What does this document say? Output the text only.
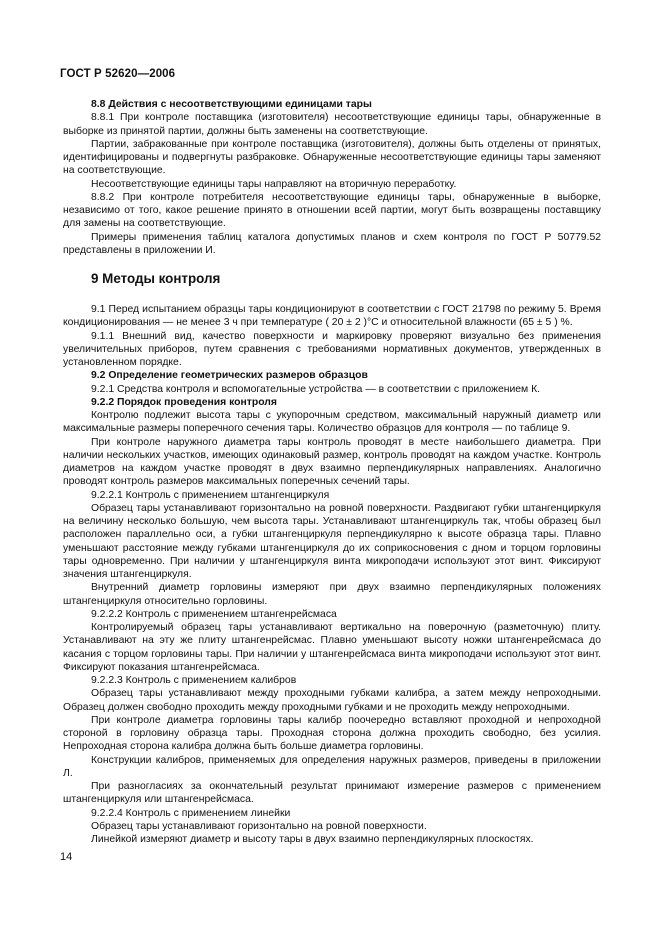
ГОСТ Р 52620—2006

8.8 Действия с несоответствующими единицами тары

8.8.1 При контроле поставщика (изготовителя) несоответствующие единицы тары, обнаруженные в выборке из принятой партии, должны быть заменены на соответствующие.

Партии, забракованные при контроле поставщика (изготовителя), должны быть отделены от принятых, идентифицированы и подвергнуты разбраковке. Обнаруженные несоответствующие единицы тары заменяют на соответствующие.

Несоответствующие единицы тары направляют на вторичную переработку.

8.8.2 При контроле потребителя несоответствующие единицы тары, обнаруженные в выборке, независимо от того, какое решение принято в отношении всей партии, могут быть возвращены поставщику для замены на соответствующие.

Примеры применения таблиц каталога допустимых планов и схем контроля по ГОСТ Р 50779.52 представлены в приложении И.

9 Методы контроля

9.1 Перед испытанием образцы тары кондиционируют в соответствии с ГОСТ 21798 по режиму 5. Время кондиционирования — не менее 3 ч при температуре ( 20 ± 2 )°С и относительной влажности (65 ± 5 ) %.

9.1.1 Внешний вид, качество поверхности и маркировку проверяют визуально без применения увеличительных приборов, путем сравнения с требованиями нормативных документов, утвержденных в установленном порядке.

9.2 Определение геометрических размеров образцов

9.2.1 Средства контроля и вспомогательные устройства — в соответствии с приложением К.

9.2.2 Порядок проведения контроля

Контролю подлежит высота тары с укупорочным средством, максимальный наружный диаметр или максимальные размеры поперечного сечения тары. Количество образцов для контроля — по таблице 9.

При контроле наружного диаметра тары контроль проводят в месте наибольшего диаметра. При наличии нескольких участков, имеющих одинаковый размер, контроль проводят на каждом участке. Контроль диаметров на каждом участке проводят в двух взаимно перпендикулярных направлениях. Аналогично проводят контроль размеров максимальных поперечных сечений тары.

9.2.2.1 Контроль с применением штангенциркуля

Образец тары устанавливают горизонтально на ровной поверхности. Раздвигают губки штангенциркуля на величину несколько большую, чем высота тары. Устанавливают штангенциркуль так, чтобы образец был расположен параллельно оси, а губки штангенциркуля перпендикулярно к высоте образца тары. Плавно уменьшают расстояние между губками штангенциркуля до их соприкосновения с дном и торцом горловины тары одновременно. При наличии у штангенциркуля винта микроподачи используют этот винт. Фиксируют значения штангенциркуля.

Внутренний диаметр горловины измеряют при двух взаимно перпендикулярных положениях штангенциркуля относительно горловины.

9.2.2.2 Контроль с применением штангенрейсмаса

Контролируемый образец тары устанавливают вертикально на поверочную (разметочную) плиту. Устанавливают на эту же плиту штангенрейсмас. Плавно уменьшают высоту ножки штангенрейсмаса до касания с торцом горловины тары. При наличии у штангенрейсмаса винта микроподачи используют этот винт. Фиксируют показания штангенрейсмаса.

9.2.2.3 Контроль с применением калибров

Образец тары устанавливают между проходными губками калибра, а затем между непроходными. Образец должен свободно проходить между проходными губками и не проходить между непроходными.

При контроле диаметра горловины тары калибр поочередно вставляют проходной и непроходной стороной в горловину образца тары. Проходная сторона должна проходить свободно, без усилия. Непроходная сторона калибра должна быть больше диаметра горловины.

Конструкции калибров, применяемых для определения наружных размеров, приведены в приложении Л.

При разногласиях за окончательный результат принимают измерение размеров с применением штангенциркуля или штангенрейсмаса.

9.2.2.4 Контроль с применением линейки

Образец тары устанавливают горизонтально на ровной поверхности.

Линейкой измеряют диаметр и высоту тары в двух взаимно перпендикулярных плоскостях.

14
